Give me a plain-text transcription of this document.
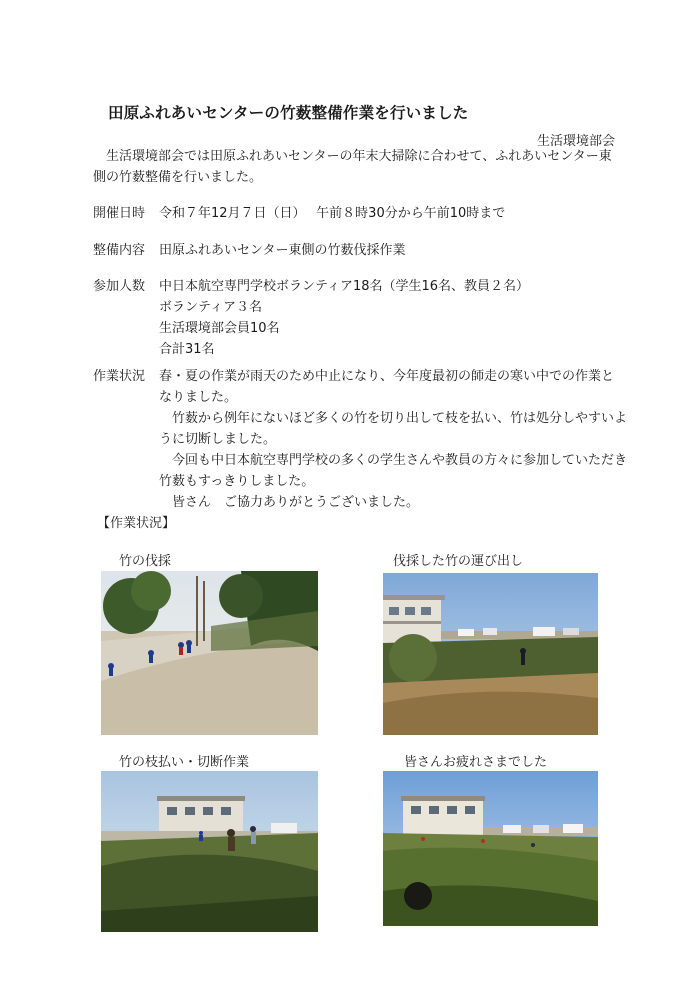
田原ふれあいセンターの竹薮整備作業を行いました
生活環境部会
生活環境部会では田原ふれあいセンターの年末大掃除に合わせて、ふれあいセンター東
側の竹薮整備を行いました。
開催日時 令和７年12月７日（日）　 午前８時30分から午前10時まで
整備内容 田原ふれあいセンター東側の竹薮伐採作業
参加人数 中日本航空専門学校ボランティア18名（学生16名、教員２名）
ボランティア３名
生活環境部会員10名
合計31名
作業状況	春・夏の作業が雨天のため中止になり、今年度最初の師走の寒い中での作業と
なりました。
竹薮から例年にないほど多くの竹を切り出して枝を払い、竹は処分しやすいよ
うに切断しました。
今回も中日本航空専門学校の多くの学生さんや教員の方々に参加していただき
竹薮もすっきりしました。
皆さん　ご協力ありがとうございました。
【作業状況】
竹の伐採	伐採した竹の運び出し
竹の枝払い・切断作業	皆さんお疲れさまでした
